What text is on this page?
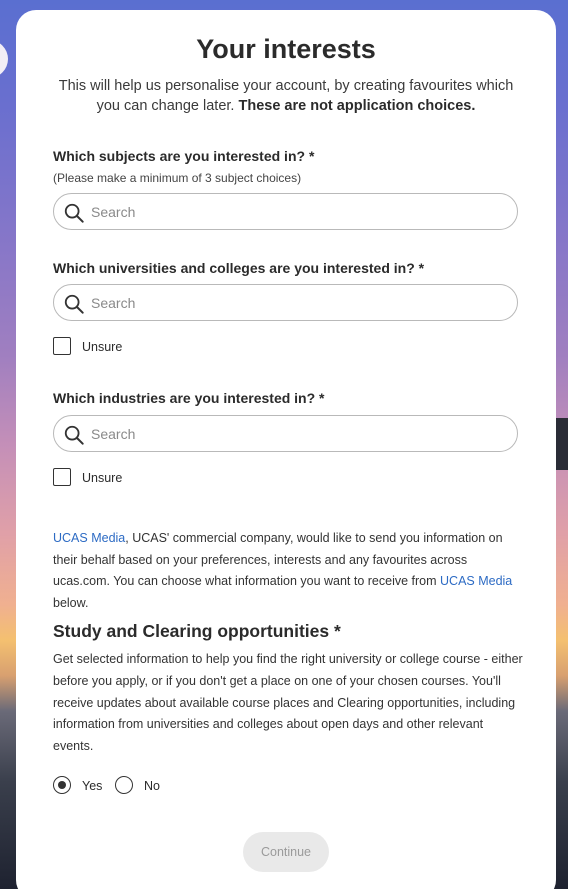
Your interests

This will help us personalise your account, by creating favourites which you can change later. These are not application choices.

Which subjects are you interested in? *
(Please make a minimum of 3 subject choices)
Search
Which universities and colleges are you interested in? *
Search
Unsure
Which industries are you interested in? *
Search
Unsure

UCAS Media, UCAS' commercial company, would like to send you information on their behalf based on your preferences, interests and any favourites across ucas.com. You can choose what information you want to receive from UCAS Media below.

Study and Clearing opportunities *

Get selected information to help you find the right university or college course - either before you apply, or if you don't get a place on one of your chosen courses. You'll receive updates about available course places and Clearing opportunities, including information from universities and colleges about open days and other relevant events.

Yes	No
Continue
